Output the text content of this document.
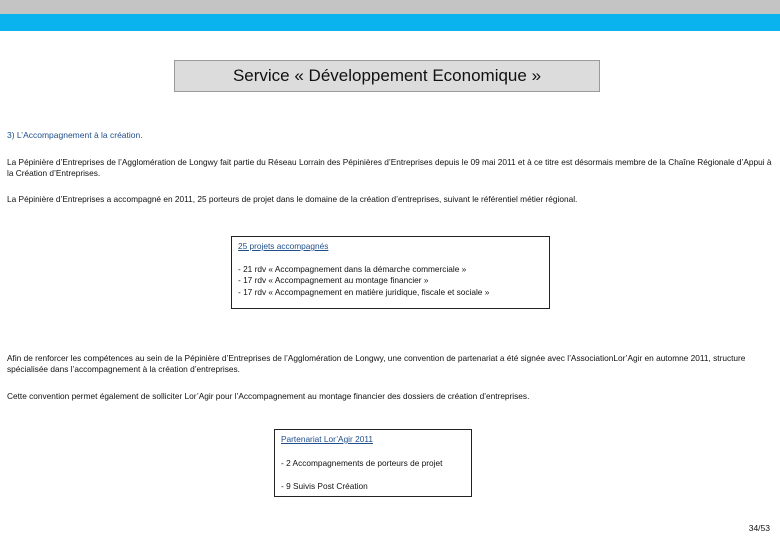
Service « Développement Economique »
3) L’Accompagnement à la création.
La Pépinière d’Entreprises de l’Agglomération de Longwy fait partie du Réseau Lorrain des Pépinières d’Entreprises depuis le 09 mai 2011 et à ce titre est désormais membre de la Chaîne Régionale d’Appui à la Création d’Entreprises.
La Pépinière d’Entreprises a accompagné en 2011, 25 porteurs de projet dans le domaine de la création d’entreprises, suivant le référentiel métier régional.
25 projets accompagnés
- 21 rdv « Accompagnement dans la démarche commerciale »
- 17 rdv « Accompagnement au montage financier »
- 17 rdv « Accompagnement en matière juridique, fiscale et sociale »
Afin de renforcer les compétences au sein de la Pépinière d’Entreprises de l’Agglomération de Longwy, une convention de partenariat a été signée avec l’AssociationLor’Agir en automne 2011, structure spécialisée dans l’accompagnement à la création d’entreprises.
Cette convention permet également de solliciter Lor’Agir pour l’Accompagnement au montage financier des dossiers de création d’entreprises.
Partenariat Lor’Agir 2011
- 2 Accompagnements de porteurs de projet
- 9 Suivis Post Création
34/53
